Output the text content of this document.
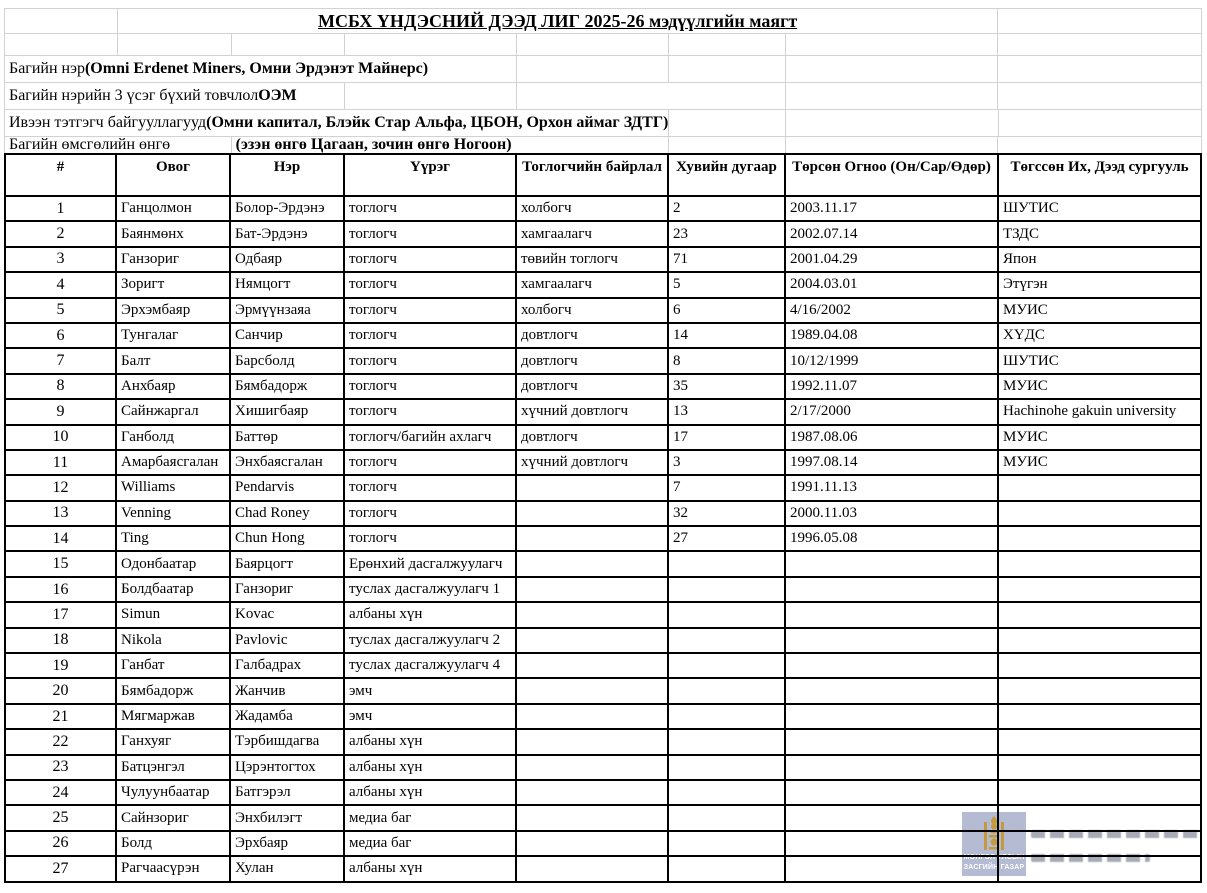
МОНГОЛ УЛСЫН
ЗАСГИЙН ГАЗАР
МСБХ ҮНДЭСНИЙ ДЭЭД ЛИГ 2025-26 мэдүүлгийн маягт
Багийн нэр (Omni Erdenet Miners, Омни Эрдэнэт Майнерс)
Багийн нэрийн 3 үсэг бүхий товчлол ОЭМ
Ивээн тэтгэгч байгууллагууд (Омни капитал, Блэйк Стар Альфа, ЦБОН, Орхон аймаг ЗДТГ)
Багийн өмсгөлийн өнгө	(эзэн өнгө Цагаан, зочин өнгө Ногоон)
#	Овог	Нэр	Үүрэг	Тоглогчийн байрлал	Хувийн дугаар	Төрсөн Огноо (Он/Сар/Өдөр)	Төгссөн Их, Дээд сургууль
1	Ганцолмон	Болор-Эрдэнэ	тоглогч	холбогч	2	2003.11.17	ШУТИС
2	Баянмөнх	Бат-Эрдэнэ	тоглогч	хамгаалагч	23	2002.07.14	ТЗДС
3	Ганзориг	Одбаяр	тоглогч	төвийн тоглогч	71	2001.04.29	Япон
4	Зоригт	Нямцогт	тоглогч	хамгаалагч	5	2004.03.01	Этүгэн
5	Эрхэмбаяр	Эрмүүнзаяа	тоглогч	холбогч	6	4/16/2002	МУИС
6	Тунгалаг	Санчир	тоглогч	довтлогч	14	1989.04.08	ХҮДС
7	Балт	Барсболд	тоглогч	довтлогч	8	10/12/1999	ШУТИС
8	Анхбаяр	Бямбадорж	тоглогч	довтлогч	35	1992.11.07	МУИС
9	Сайнжаргал	Хишигбаяр	тоглогч	хүчний довтлогч	13	2/17/2000	Hachinohe gakuin university
10	Ганболд	Баттөр	тоглогч/багийн ахлагч	довтлогч	17	1987.08.06	МУИС
11	Амарбаясгалан	Энхбаясгалан	тоглогч	хүчний довтлогч	3	1997.08.14	МУИС
12	Williams	Pendarvis	тоглогч		7	1991.11.13	
13	Venning	Chad Roney	тоглогч		32	2000.11.03	
14	Ting	Chun Hong	тоглогч		27	1996.05.08	
15	Одонбаатар	Баярцогт	Ерөнхий дасгалжуулагч				
16	Болдбаатар	Ганзориг	туслах дасгалжуулагч 1				
17	Simun	Kovac	албаны хүн				
18	Nikola	Pavlovic	туслах дасгалжуулагч 2				
19	Ганбат	Галбадрах	туслах дасгалжуулагч 4				
20	Бямбадорж	Жанчив	эмч				
21	Мягмаржав	Жадамба	эмч				
22	Ганхуяг	Тэрбишдагва	албаны хүн				
23	Батцэнгэл	Цэрэнтогтох	албаны хүн				
24	Чулуунбаатар	Батгэрэл	албаны хүн				
25	Сайнзориг	Энхбилэгт	медиа баг				
26	Болд	Эрхбаяр	медиа баг				
27	Рагчаасүрэн	Хулан	албаны хүн				
